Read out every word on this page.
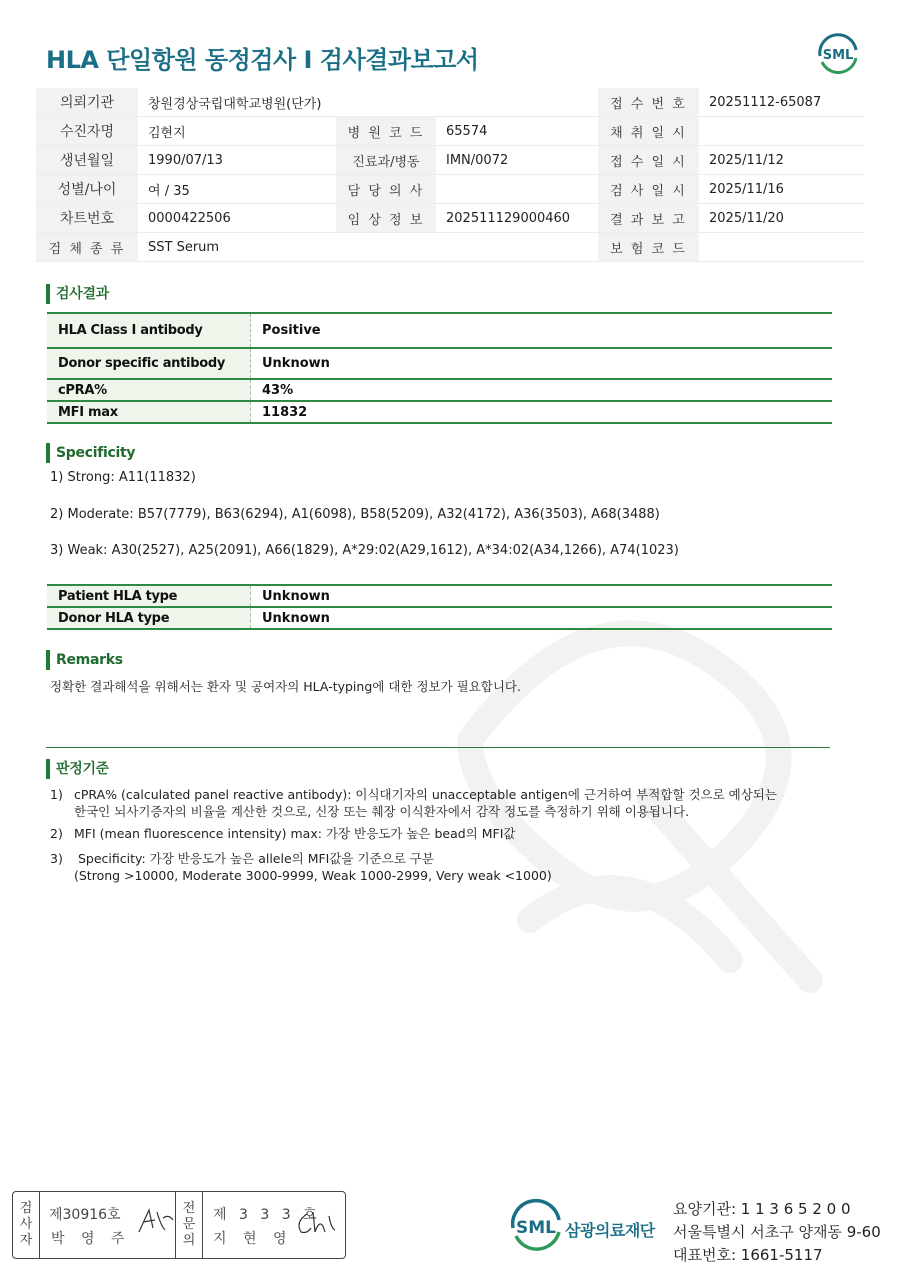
HLA 단일항원 동정검사 I 검사결과보고서	SML
의뢰기관	창원경상국립대학교병원(단가)			접 수 번 호	20251112-65087
수진자명	김현지	병 원 코 드	65574	채 취 일 시	
생년월일	1990/07/13	진료과/병동	IMN/0072	접 수 일 시	2025/11/12
성별/나이	여 / 35	담 당 의 사		검 사 일 시	2025/11/16
차트번호	0000422506	임 상 정 보	202511129000460	결 과 보 고	2025/11/20
검 체 종 류	SST Serum			보 험 코 드	
검사결과
HLA Class I antibody	Positive
Donor specific antibody	Unknown
cPRA%	43%
MFI max	11832
Specificity
1) Strong: A11(11832)
2) Moderate: B57(7779), B63(6294), A1(6098), B58(5209), A32(4172), A36(3503), A68(3488)
3) Weak: A30(2527), A25(2091), A66(1829), A*29:02(A29,1612), A*34:02(A34,1266), A74(1023)
Patient HLA type	Unknown
Donor HLA type	Unknown
Remarks
정확한 결과해석을 위해서는 환자 및 공여자의 HLA-typing에 대한 정보가 필요합니다.
판정기준
1) cPRA% (calculated panel reactive antibody): 이식대기자의 unacceptable antigen에 근거하여 부적합할 것으로 예상되는
한국인 뇌사기증자의 비율을 계산한 것으로, 신장 또는 췌장 이식환자에서 감작 정도를 측정하기 위해 이용됩니다.
2) MFI (mean fluorescence intensity) max: 가장 반응도가 높은 bead의 MFI값
3) Specificity: 가장 반응도가 높은 allele의 MFI값을 기준으로 구분
(Strong >10000, Moderate 3000-9999, Weak 1000-2999, Very weak <1000)
검
사
자
제30916호
박 영 주
전
문
의
제 3 3 3 호
지 현 영
SML 삼광의료재단
요양기관: 1 1 3 6 5 2 0 0
서울특별시 서초구 양재동 9-60
대표번호: 1661-5117
